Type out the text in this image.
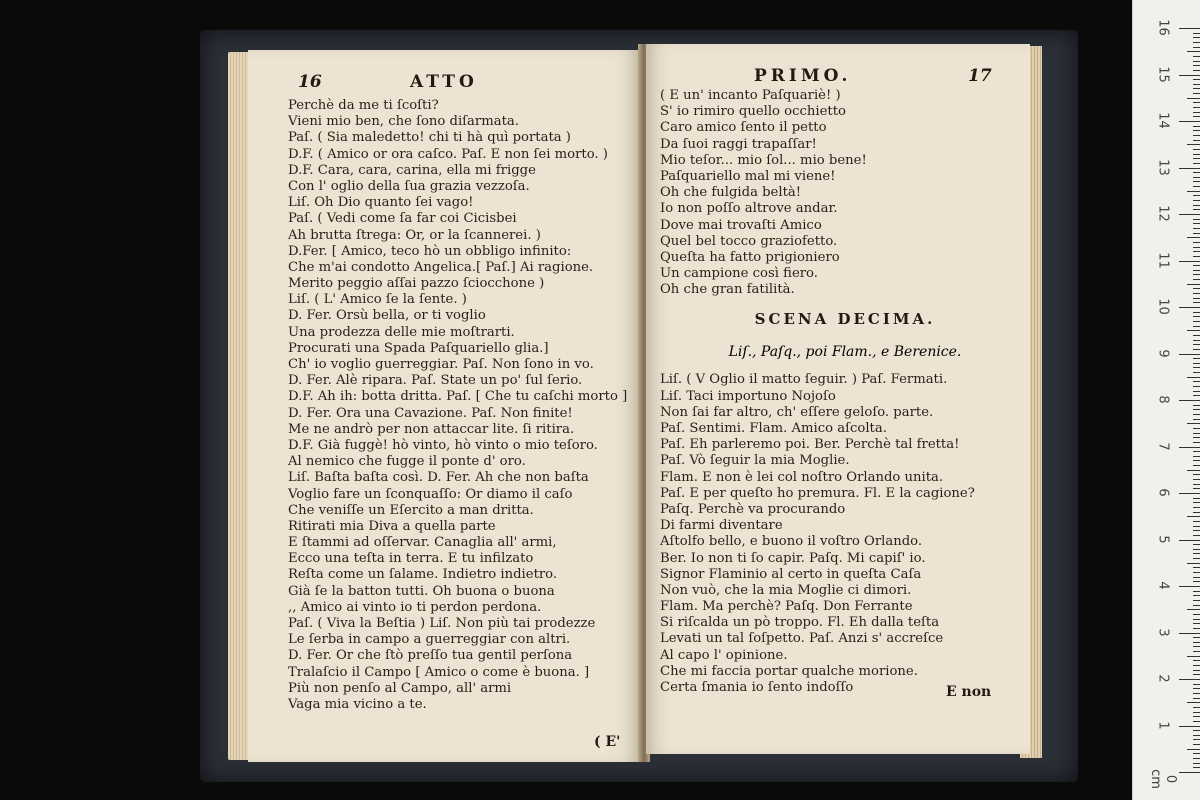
16	ATTO
Perchè da me ti ſcoſti?
Vieni mio ben, che ſono diſarmata.
Paſ. ( Sia maledetto! chi ti hà quì portata )
D.F. ( Amico or ora caſco. Paſ. E non ſei morto. )
D.F. Cara, cara, carina, ella mi frigge
Con l' oglio della ſua grazia vezzoſa.
Liſ. Oh Dio quanto ſei vago!
Paſ. ( Vedi come ſa far coi Cicisbei
Ah brutta ſtrega: Or, or la ſcannerei. )
D.Fer. [ Amico, teco hò un obbligo infinito:
Che m'ai condotto Angelica.[ Paſ.] Ai ragione.
Merito peggio aſſai pazzo ſciocchone )
Liſ. ( L' Amico ſe la ſente. )
D. Fer. Orsù bella, or ti voglio
Una prodezza delle mie moſtrarti.
Procurati una Spada Paſquariello glia.]
Ch' io voglio guerreggiar. Paſ. Non ſono in vo.
D. Fer. Alè ripara. Paſ. State un po' ſul ſerio.
D.F. Ah ih: botta dritta. Paſ. [ Che tu caſchi morto ]
D. Fer. Ora una Cavazione. Paſ. Non finite!
Me ne andrò per non attaccar lite. ſi ritira.
D.F. Già fuggè! hò vinto, hò vinto o mio teſoro.
Al nemico che fugge il ponte d' oro.
Liſ. Baſta baſta così. D. Fer. Ah che non baſta
Voglio fare un ſconquaſſo: Or diamo il caſo
Che veniſſe un Eſercito a man dritta.
Ritirati mia Diva a quella parte
E ſtammi ad oſſervar. Canaglia all' armi,
Ecco una teſta in terra. E tu infilzato
Reſta come un ſalame. Indietro indietro.
Già ſe la batton tutti. Oh buona o buona
,, Amico ai vinto io ti perdon perdona.
Paſ. ( Viva la Beſtia ) Liſ. Non più tai prodezze
Le ſerba in campo a guerreggiar con altri.
D. Fer. Or che ſtò preſſo tua gentil perſona
Tralaſcio il Campo [ Amico o come è buona. ]
Più non penſo al Campo, all' armi
Vaga mia vicino a te.
( E'
PRIMO.	17
( E un' incanto Paſquariè! )
S' io rimiro quello occhietto
Caro amico ſento il petto
Da ſuoi raggi trapaſſar!
Mio teſor... mio ſol... mio bene!
Paſquariello mal mi viene!
Oh che fulgida beltà!
Io non poſſo altrove andar.
Dove mai trovaſti Amico
Quel bel tocco graziofetto.
Queſta ha fatto prigioniero
Un campione così fiero.
Oh che gran fatilità.
SCENA DECIMA.
Liſ., Paſq., poi Flam., e Berenice.
Liſ. ( V Oglio il matto ſeguir. ) Paſ. Fermati.
Liſ. Taci importuno Nojoſo
Non ſai far altro, ch' eſſere geloſo. parte.
Paſ. Sentimi. Flam. Amico aſcolta.
Paſ. Eh parleremo poi. Ber. Perchè tal fretta!
Paſ. Vò ſeguir la mia Moglie.
Flam. E non è lei col noſtro Orlando unita.
Paſ. E per queſto ho premura. Fl. E la cagione?
Paſq. Perchè va procurando
Di farmi diventare
Aſtolfo bello, e buono il voſtro Orlando.
Ber. Io non ti ſo capir. Paſq. Mi capiſ' io.
Signor Flaminio al certo in queſta Caſa
Non vuò, che la mia Moglie ci dimori.
Flam. Ma perchè? Paſq. Don Ferrante
Si riſcalda un pò troppo. Fl. Eh dalla teſta
Levati un tal ſoſpetto. Paſ. Anzi s' accreſce
Al capo l' opinione.
Che mi faccia portar qualche morione.
Certa ſmania io ſento indoſſo	E non
0 cm
1
2
3
4
5
6
7
8
9
10
11
12
13
14
15
16
